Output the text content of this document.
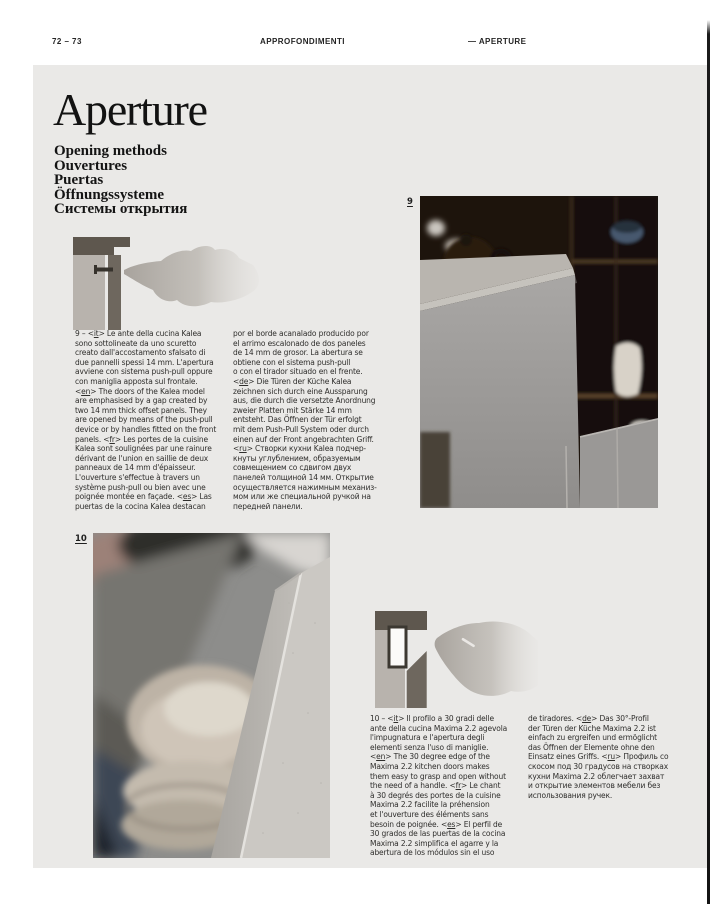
72 – 73	APPROFONDIMENTI	— APERTURE
Aperture
Opening methods
Ouvertures
Puertas
Öffnungssysteme
Системы открытия	9
9 – <it> Le ante della cucina Kalea
sono sottolineate da uno scuretto
creato dall'accostamento sfalsato di
due pannelli spessi 14 mm. L'apertura
avviene con sistema push-pull oppure
con maniglia apposta sul frontale.
<en> The doors of the Kalea model
are emphasised by a gap created by
two 14 mm thick offset panels. They
are opened by means of the push-pull
device or by handles fitted on the front
panels. <fr> Les portes de la cuisine
Kalea sont soulignées par une rainure
dérivant de l'union en saillie de deux
panneaux de 14 mm d'épaisseur.
L'ouverture s'effectue à travers un
système push-pull ou bien avec une
poignée montée en façade. <es> Las
puertas de la cocina Kalea destacan
por el borde acanalado producido por
el arrimo escalonado de dos paneles
de 14 mm de grosor. La abertura se
obtiene con el sistema push-pull
o con el tirador situado en el frente.
<de> Die Türen der Küche Kalea
zeichnen sich durch eine Aussparung
aus, die durch die versetzte Anordnung
zweier Platten mit Stärke 14 mm
entsteht. Das Öffnen der Tür erfolgt
mit dem Push-Pull System oder durch
einen auf der Front angebrachten Griff.
<ru> Створки кухни Kalea подчер-
кнуты углублением, образуемым
совмещением со сдвигом двух
панелей толщиной 14 мм. Открытие
осуществляется нажимным механиз-
мом или же специальной ручкой на
передней панели.
10
10 – <it> Il profilo a 30 gradi delle
ante della cucina Maxima 2.2 agevola
l'impugnatura e l'apertura degli
elementi senza l'uso di maniglie.
<en> The 30 degree edge of the
Maxima 2.2 kitchen doors makes
them easy to grasp and open without
the need of a handle. <fr> Le chant
à 30 degrés des portes de la cuisine
Maxima 2.2 facilite la préhension
et l'ouverture des éléments sans
besoin de poignée. <es> El perfil de
30 grados de las puertas de la cocina
Maxima 2.2 simplifica el agarre y la
abertura de los módulos sin el uso
de tiradores. <de> Das 30°-Profil
der Türen der Küche Maxima 2.2 ist
einfach zu ergreifen und ermöglicht
das Öffnen der Elemente ohne den
Einsatz eines Griffs. <ru> Профиль со
скосом под 30 градусов на створках
кухни Maxima 2.2 облегчает захват
и открытие элементов мебели без
использования ручек.
